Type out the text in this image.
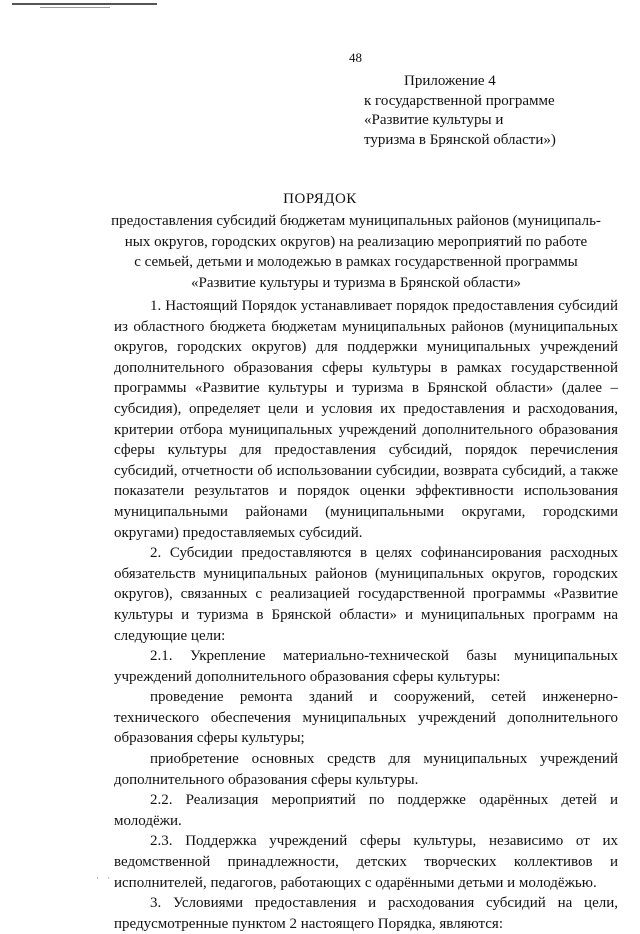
48
Приложение 4
к государственной программе
«Развитие культуры и
туризма в Брянской области»)
ПОРЯДОК
предоставления субсидий бюджетам муниципальных районов (муниципаль-
ных округов, городских округов) на реализацию мероприятий по работе
с семьей, детьми и молодежью в рамках государственной программы
«Развитие культуры и туризма в Брянской области»
1. Настоящий Порядок устанавливает порядок предоставления субсидий из областного бюджета бюджетам муниципальных районов (муниципальных округов, городских округов) для поддержки муниципальных учреждений дополнительного образования сферы культуры в рамках государственной программы «Развитие культуры и туризма в Брянской области» (далее – субсидия), определяет цели и условия их предоставления и расходования, критерии отбора муниципальных учреждений дополнительного образования сферы культуры для предоставления субсидий, порядок перечисления субсидий, отчетности об использовании субсидии, возврата субсидий, а также показатели результатов и порядок оценки эффективности использования муниципальными районами (муниципальными округами, городскими округами) предоставляемых субсидий.
2. Субсидии предоставляются в целях софинансирования расходных обязательств муниципальных районов (муниципальных округов, городских округов), связанных с реализацией государственной программы «Развитие культуры и туризма в Брянской области» и муниципальных программ на следующие цели:
2.1. Укрепление материально-технической базы муниципальных учреждений дополнительного образования сферы культуры:
проведение ремонта зданий и сооружений, сетей инженерно-технического обеспечения муниципальных учреждений дополнительного образования сферы культуры;
приобретение основных средств для муниципальных учреждений дополнительного образования сферы культуры.
2.2. Реализация мероприятий по поддержке одарённых детей и молодёжи.
2.3. Поддержка учреждений сферы культуры, независимо от их ведомственной принадлежности, детских творческих коллективов и исполнителей, педагогов, работающих с одарёнными детьми и молодёжью.
3. Условиями предоставления и расходования субсидий на цели, предусмотренные пунктом 2 настоящего Порядка, являются:
· ·
